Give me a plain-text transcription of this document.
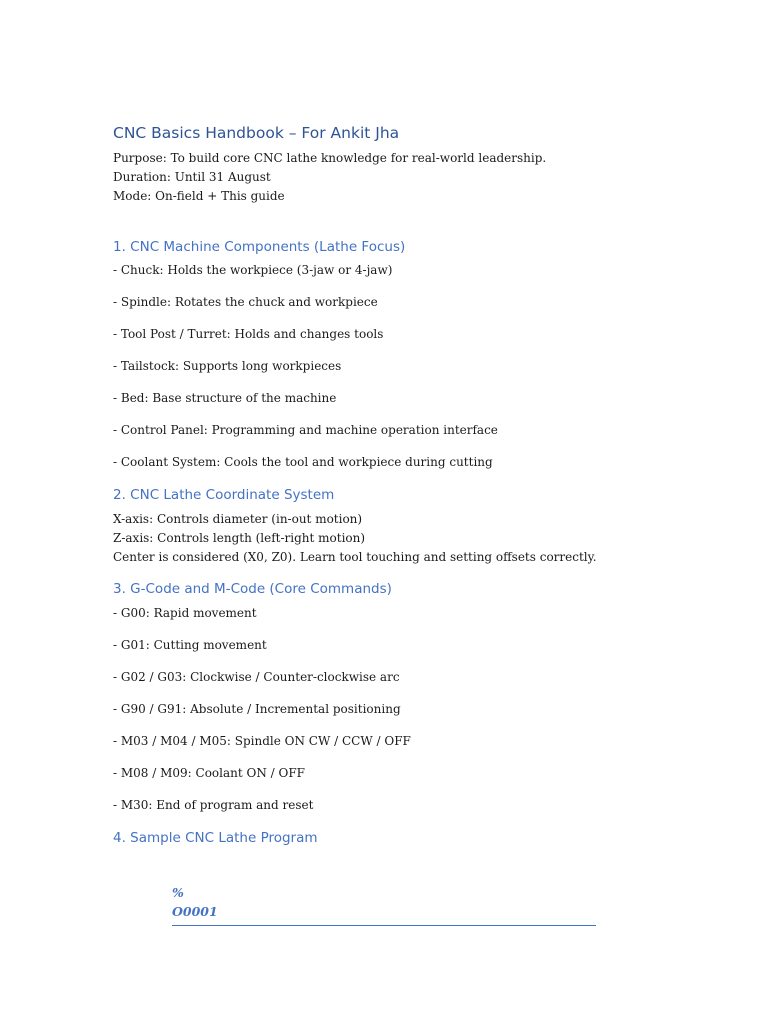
CNC Basics Handbook – For Ankit Jha

Purpose: To build core CNC lathe knowledge for real-world leadership.

Duration: Until 31 August

Mode: On-field + This guide

1. CNC Machine Components (Lathe Focus)

- Chuck: Holds the workpiece (3-jaw or 4-jaw)

- Spindle: Rotates the chuck and workpiece

- Tool Post / Turret: Holds and changes tools

- Tailstock: Supports long workpieces

- Bed: Base structure of the machine

- Control Panel: Programming and machine operation interface

- Coolant System: Cools the tool and workpiece during cutting

2. CNC Lathe Coordinate System

X-axis: Controls diameter (in-out motion)

Z-axis: Controls length (left-right motion)

Center is considered (X0, Z0). Learn tool touching and setting offsets correctly.

3. G-Code and M-Code (Core Commands)

- G00: Rapid movement

- G01: Cutting movement

- G02 / G03: Clockwise / Counter-clockwise arc

- G90 / G91: Absolute / Incremental positioning

- M03 / M04 / M05: Spindle ON CW / CCW / OFF

- M08 / M09: Coolant ON / OFF

- M30: End of program and reset

4. Sample CNC Lathe Program

%

O0001
